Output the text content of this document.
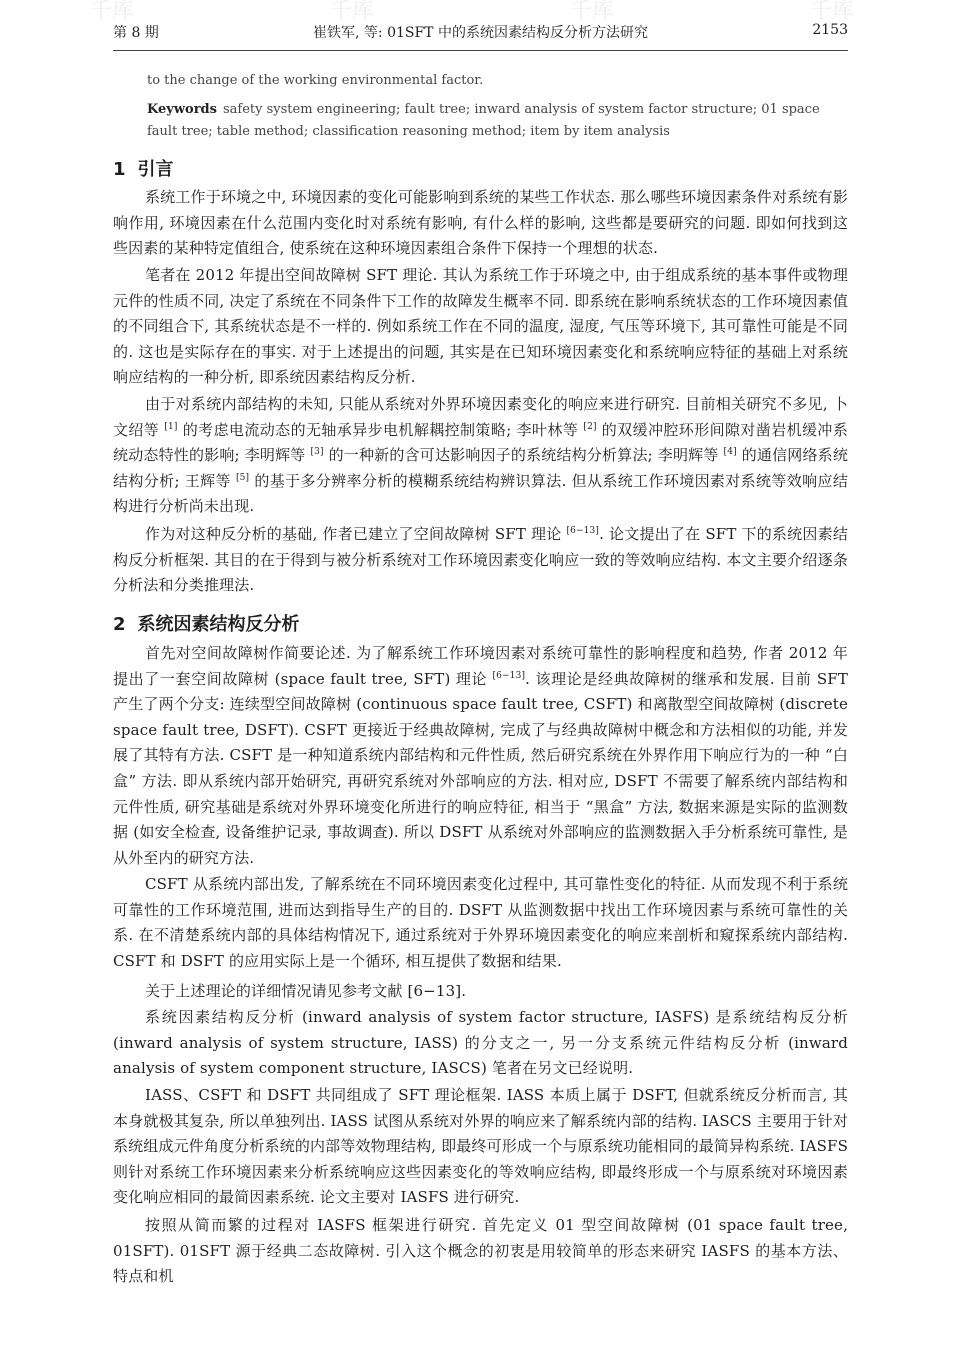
千库	千库	千库	千库
第 8 期	崔铁军, 等: 01SFT 中的系统因素结构反分析方法研究	2153

to the change of the working environmental factor.

Keywords safety system engineering; fault tree; inward analysis of system factor structure; 01 space fault tree; table method; classification reasoning method; item by item analysis

1 引言

系统工作于环境之中, 环境因素的变化可能影响到系统的某些工作状态. 那么哪些环境因素条件对系统有影响作用, 环境因素在什么范围内变化时对系统有影响, 有什么样的影响, 这些都是要研究的问题. 即如何找到这些因素的某种特定值组合, 使系统在这种环境因素组合条件下保持一个理想的状态.

笔者在 2012 年提出空间故障树 SFT 理论. 其认为系统工作于环境之中, 由于组成系统的基本事件或物理元件的性质不同, 决定了系统在不同条件下工作的故障发生概率不同. 即系统在影响系统状态的工作环境因素值的不同组合下, 其系统状态是不一样的. 例如系统工作在不同的温度, 湿度, 气压等环境下, 其可靠性可能是不同的. 这也是实际存在的事实. 对于上述提出的问题, 其实是在已知环境因素变化和系统响应特征的基础上对系统响应结构的一种分析, 即系统因素结构反分析.

由于对系统内部结构的未知, 只能从系统对外界环境因素变化的响应来进行研究. 目前相关研究不多见, 卜文绍等 [1] 的考虑电流动态的无轴承异步电机解耦控制策略; 李叶林等 [2] 的双缓冲腔环形间隙对凿岩机缓冲系统动态特性的影响; 李明辉等 [3] 的一种新的含可达影响因子的系统结构分析算法; 李明辉等 [4] 的通信网络系统结构分析; 王辉等 [5] 的基于多分辨率分析的模糊系统结构辨识算法. 但从系统工作环境因素对系统等效响应结构进行分析尚未出现.

作为对这种反分析的基础, 作者已建立了空间故障树 SFT 理论 [6−13]. 论文提出了在 SFT 下的系统因素结构反分析框架. 其目的在于得到与被分析系统对工作环境因素变化响应一致的等效响应结构. 本文主要介绍逐条分析法和分类推理法.

2 系统因素结构反分析

首先对空间故障树作简要论述. 为了解系统工作环境因素对系统可靠性的影响程度和趋势, 作者 2012 年提出了一套空间故障树 (space fault tree, SFT) 理论 [6−13]. 该理论是经典故障树的继承和发展. 目前 SFT 产生了两个分支: 连续型空间故障树 (continuous space fault tree, CSFT) 和离散型空间故障树 (discrete space fault tree, DSFT). CSFT 更接近于经典故障树, 完成了与经典故障树中概念和方法相似的功能, 并发展了其特有方法. CSFT 是一种知道系统内部结构和元件性质, 然后研究系统在外界作用下响应行为的一种 “白盒” 方法. 即从系统内部开始研究, 再研究系统对外部响应的方法. 相对应, DSFT 不需要了解系统内部结构和元件性质, 研究基础是系统对外界环境变化所进行的响应特征, 相当于 “黑盒” 方法, 数据来源是实际的监测数据 (如安全检查, 设备维护记录, 事故调查). 所以 DSFT 从系统对外部响应的监测数据入手分析系统可靠性, 是从外至内的研究方法.

CSFT 从系统内部出发, 了解系统在不同环境因素变化过程中, 其可靠性变化的特征. 从而发现不利于系统可靠性的工作环境范围, 进而达到指导生产的目的. DSFT 从监测数据中找出工作环境因素与系统可靠性的关系. 在不清楚系统内部的具体结构情况下, 通过系统对于外界环境因素变化的响应来剖析和窥探系统内部结构. CSFT 和 DSFT 的应用实际上是一个循环, 相互提供了数据和结果.

关于上述理论的详细情况请见参考文献 [6−13].

系统因素结构反分析 (inward analysis of system factor structure, IASFS) 是系统结构反分析 (inward analysis of system structure, IASS) 的分支之一, 另一分支系统元件结构反分析 (inward analysis of system component structure, IASCS) 笔者在另文已经说明.

IASS、CSFT 和 DSFT 共同组成了 SFT 理论框架. IASS 本质上属于 DSFT, 但就系统反分析而言, 其本身就极其复杂, 所以单独列出. IASS 试图从系统对外界的响应来了解系统内部的结构. IASCS 主要用于针对系统组成元件角度分析系统的内部等效物理结构, 即最终可形成一个与原系统功能相同的最简异构系统. IASFS 则针对系统工作环境因素来分析系统响应这些因素变化的等效响应结构, 即最终形成一个与原系统对环境因素变化响应相同的最简因素系统. 论文主要对 IASFS 进行研究.

按照从简而繁的过程对 IASFS 框架进行研究. 首先定义 01 型空间故障树 (01 space fault tree, 01SFT). 01SFT 源于经典二态故障树. 引入这个概念的初衷是用较简单的形态来研究 IASFS 的基本方法、特点和机
